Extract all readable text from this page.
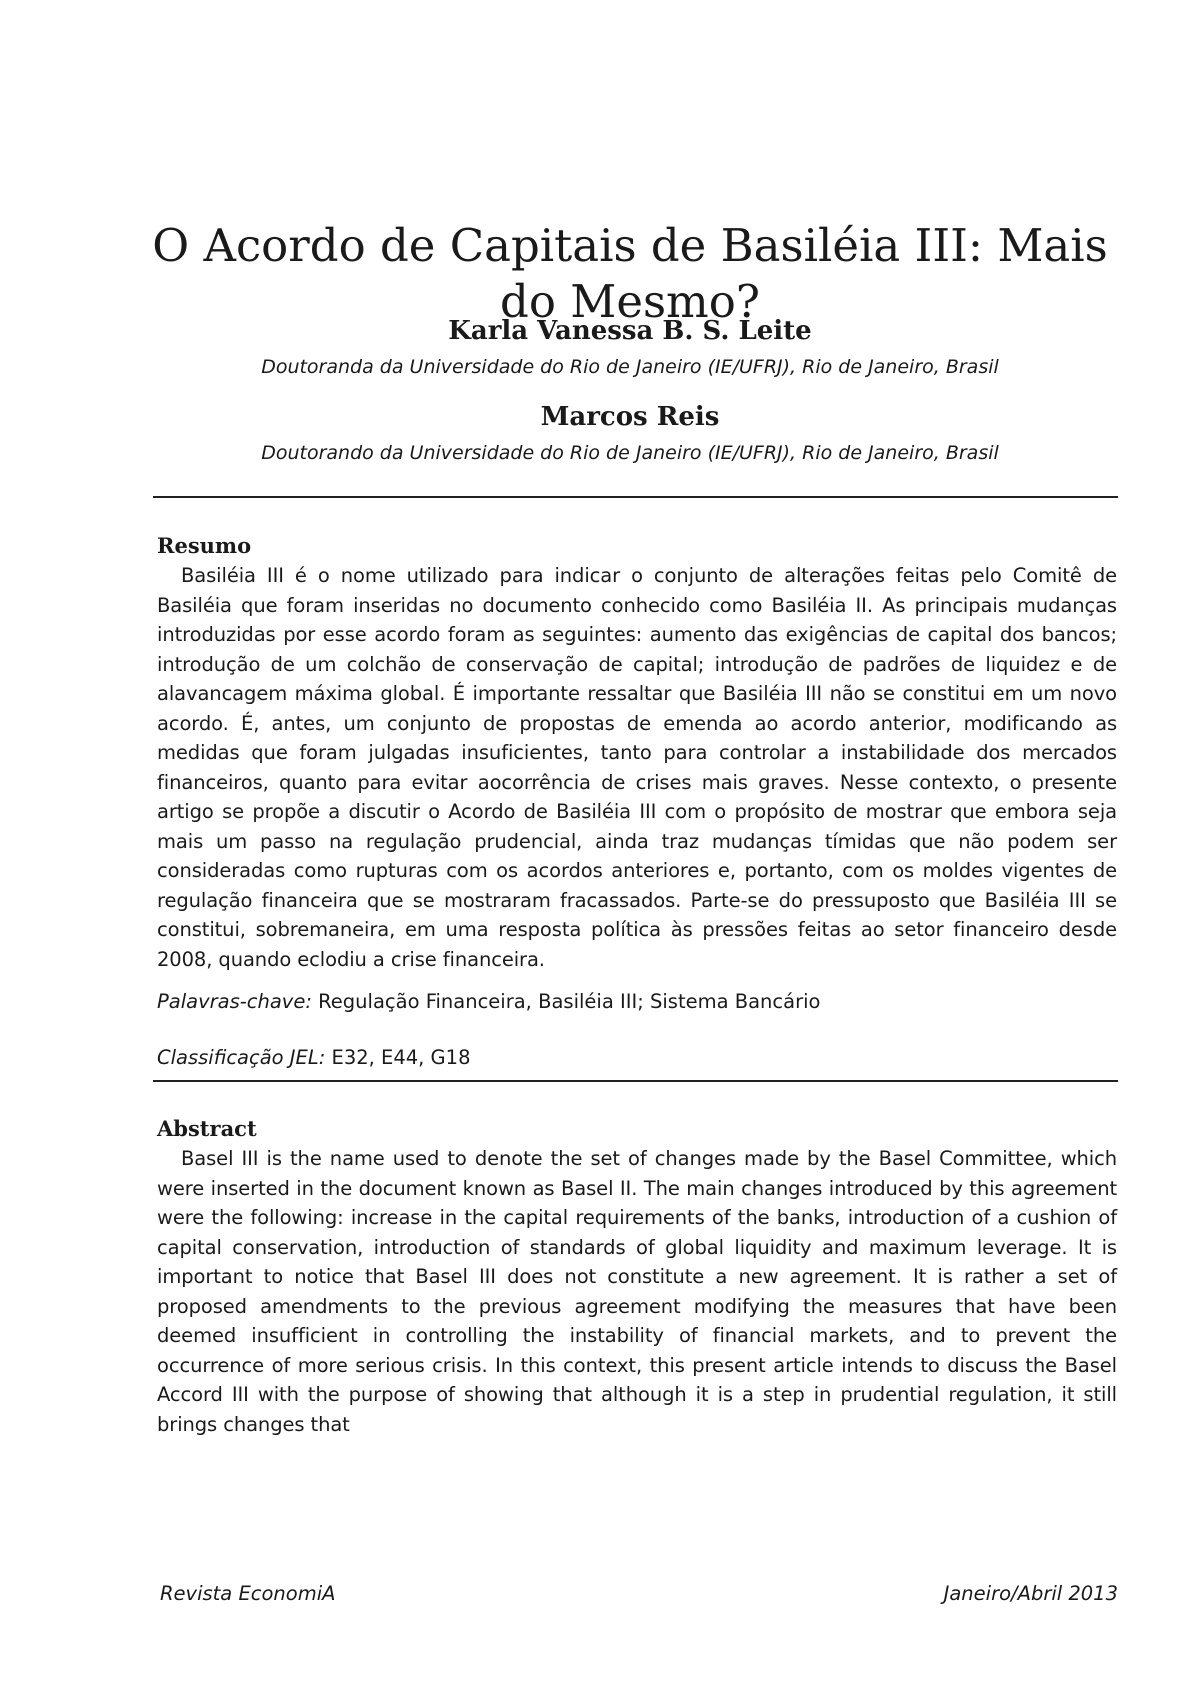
O Acordo de Capitais de Basiléia III: Mais do Mesmo?

Karla Vanessa B. S. Leite

Doutoranda da Universidade do Rio de Janeiro (IE/UFRJ), Rio de Janeiro, Brasil

Marcos Reis

Doutorando da Universidade do Rio de Janeiro (IE/UFRJ), Rio de Janeiro, Brasil

Resumo

Basiléia III é o nome utilizado para indicar o conjunto de alterações feitas pelo Comitê de Basiléia que foram inseridas no documento conhecido como Basiléia II. As principais mudanças introduzidas por esse acordo foram as seguintes: aumento das exigências de capital dos bancos; introdução de um colchão de conservação de capital; introdução de padrões de liquidez e de alavancagem máxima global. É importante ressaltar que Basiléia III não se constitui em um novo acordo. É, antes, um conjunto de propostas de emenda ao acordo anterior, modificando as medidas que foram julgadas insuficientes, tanto para controlar a instabilidade dos mercados financeiros, quanto para evitar aocorrência de crises mais graves. Nesse contexto, o presente artigo se propõe a discutir o Acordo de Basiléia III com o propósito de mostrar que embora seja mais um passo na regulação prudencial, ainda traz mudanças tímidas que não podem ser consideradas como rupturas com os acordos anteriores e, portanto, com os moldes vigentes de regulação financeira que se mostraram fracassados. Parte-se do pressuposto que Basiléia III se constitui, sobremaneira, em uma resposta política às pressões feitas ao setor financeiro desde 2008, quando eclodiu a crise financeira.

Palavras-chave: Regulação Financeira, Basiléia III; Sistema Bancário

Classificação JEL: E32, E44, G18

Abstract

Basel III is the name used to denote the set of changes made by the Basel Committee, which were inserted in the document known as Basel II. The main changes introduced by this agreement were the following: increase in the capital requirements of the banks, introduction of a cushion of capital conservation, introduction of standards of global liquidity and maximum leverage. It is important to notice that Basel III does not constitute a new agreement. It is rather a set of proposed amendments to the previous agreement modifying the measures that have been deemed insufficient in controlling the instability of financial markets, and to prevent the occurrence of more serious crisis. In this context, this present article intends to discuss the Basel Accord III with the purpose of showing that although it is a step in prudential regulation, it still brings changes that

Revista EconomiA	Janeiro/Abril 2013
